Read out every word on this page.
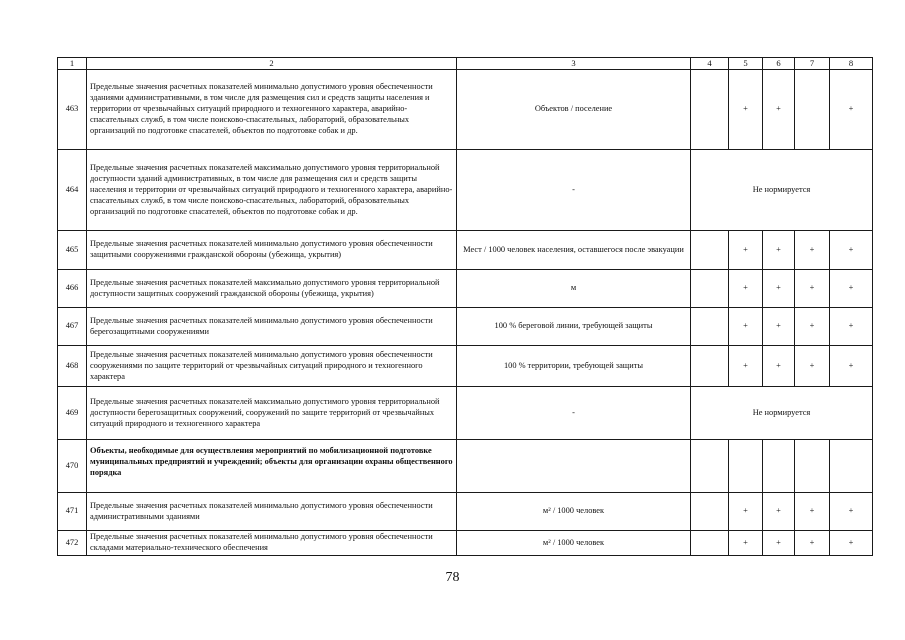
1	2	3	4	5	6	7	8
463	Предельные значения расчетных показателей минимально допустимого уровня обеспеченности зданиями административными, в том числе для размещения сил и средств защиты населения и территории от чрезвычайных ситуаций природного и техногенного характера, аварийно-спасательных служб, в том числе поисково-спасательных, лабораторий, образовательных организаций по подготовке спасателей, объектов по подготовке собак и др.	Объектов / поселение		+	+		+
464	Предельные значения расчетных показателей максимально допустимого уровня территориальной доступности зданий административных, в том числе для размещения сил и средств защиты населения и территории от чрезвычайных ситуаций природного и техногенного характера, аварийно-спасательных служб, в том числе поисково-спасательных, лабораторий, образовательных организаций по подготовке спасателей, объектов по подготовке собак и др.	-	Не нормируется				
465	Предельные значения расчетных показателей минимально допустимого уровня обеспеченности защитными сооружениями гражданской обороны (убежища, укрытия)	Мест / 1000 человек населения, оставшегося после эвакуации		+	+	+	+
466	Предельные значения расчетных показателей максимально допустимого уровня территориальной доступности защитных сооружений гражданской обороны (убежища, укрытия)	м		+	+	+	+
467	Предельные значения расчетных показателей минимально допустимого уровня обеспеченности берегозащитными сооружениями	100 % береговой линии, требующей защиты		+	+	+	+
468	Предельные значения расчетных показателей минимально допустимого уровня обеспеченности сооружениями по защите территорий от чрезвычайных ситуаций природного и техногенного характера	100 % территории, требующей защиты		+	+	+	+
469	Предельные значения расчетных показателей максимально допустимого уровня территориальной доступности берегозащитных сооружений, сооружений по защите территорий от чрезвычайных ситуаций природного и техногенного характера	-	Не нормируется				
470	Объекты, необходимые для осуществления мероприятий по мобилизационной подготовке муниципальных предприятий и учреждений; объекты для организации охраны общественного порядка						
471	Предельные значения расчетных показателей минимально допустимого уровня обеспеченности административными зданиями	м² / 1000 человек		+	+	+	+
472	Предельные значения расчетных показателей минимально допустимого уровня обеспеченности складами материально-технического обеспечения	м² / 1000 человек		+	+	+	+
78
